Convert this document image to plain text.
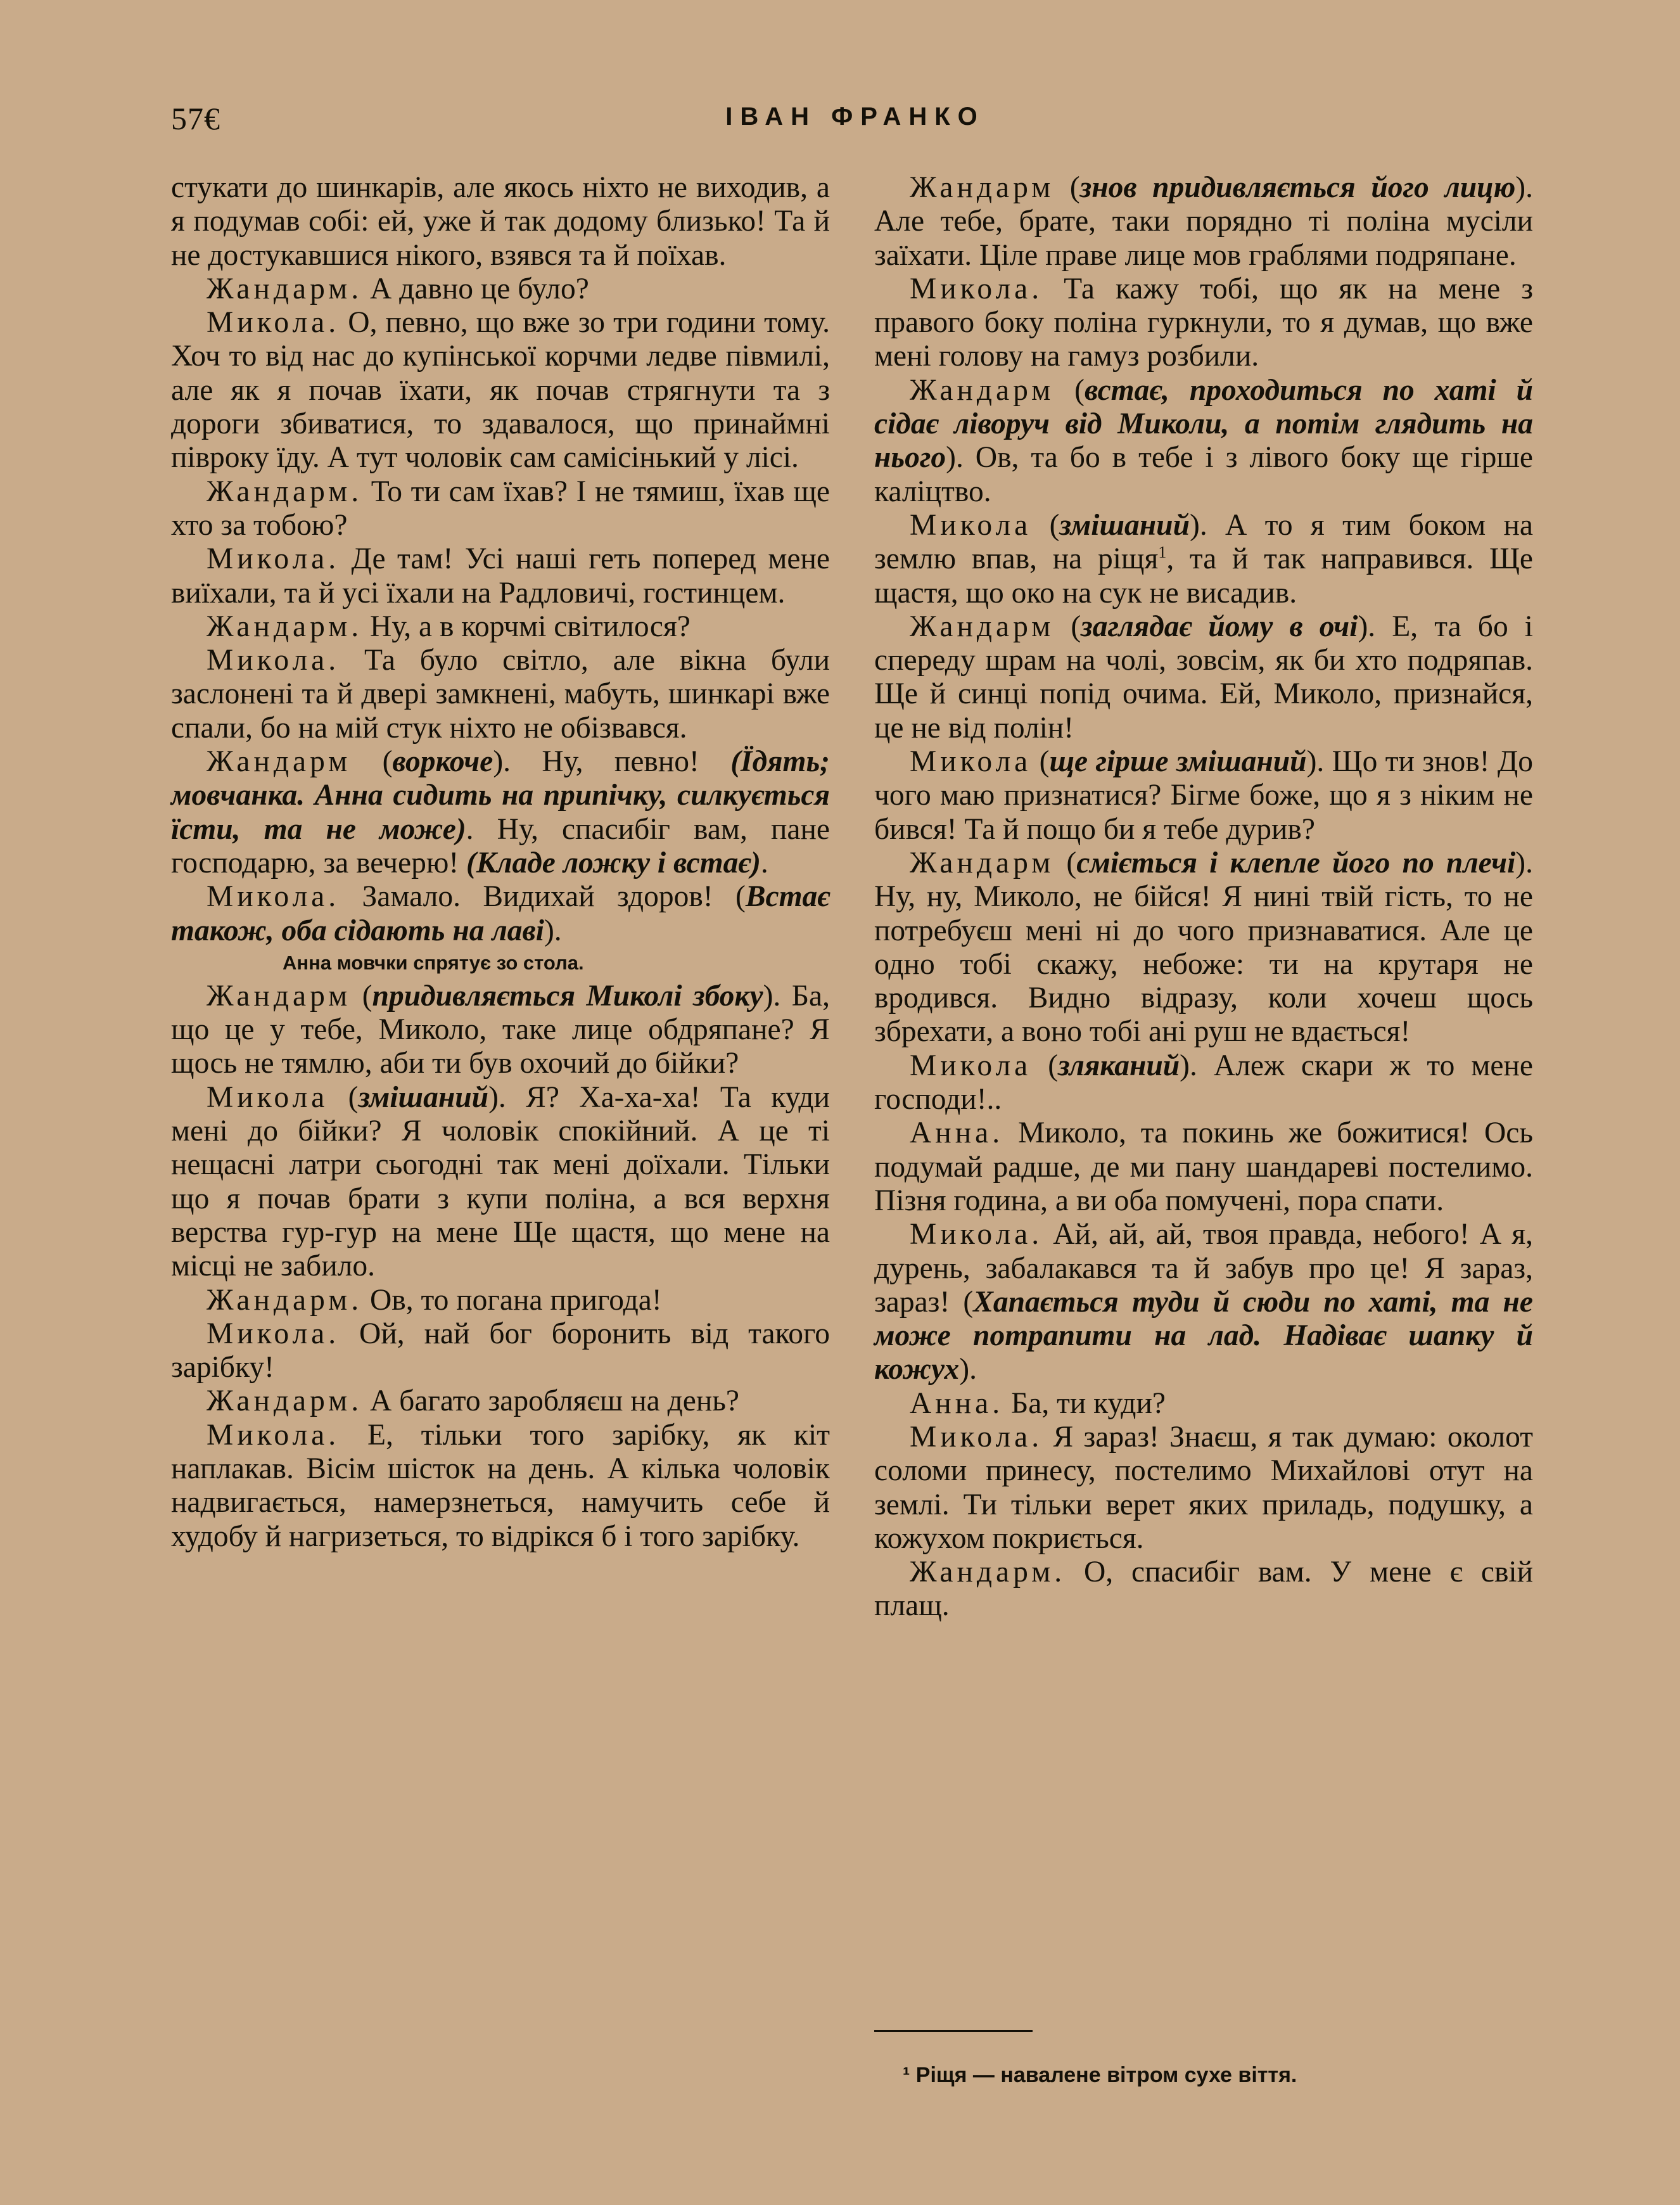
57€	ІВАН ФРАНКО

стукати до шинкарів, але якось ніхто не виходив, а я подумав собі: ей, уже й так додому близько! Та й не достукавшися нікого, взявся та й поїхав.

Жандарм. А давно це було?

Микола. О, певно, що вже зо три години тому. Хоч то від нас до купінської корчми ледве півмилі, але як я почав їхати, як почав стрягнути та з дороги збиватися, то здавалося, що принаймні півроку їду. А тут чоловік сам самісінький у лісі.

Жандарм. То ти сам їхав? І не тямиш, їхав ще хто за тобою?

Микола. Де там! Усі наші геть поперед мене виїхали, та й усі їхали на Радловичі, гостинцем.

Жандарм. Ну, а в корчмі світилося?

Микола. Та було світло, але вікна були заслонені та й двері замкнені, мабуть, шинкарі вже спали, бо на мій стук ніхто не обізвався.

Жандарм (воркоче). Ну, певно! (Їдять; мовчанка. Анна сидить на припічку, силкується їсти, та не може). Ну, спасибіг вам, пане господарю, за вечерю! (Кладе ложку і встає).

Микола. Замало. Видихай здоров! (Встає також, оба сідають на лаві).

Анна мовчки спрятує зо стола.

Жандарм (придивляється Миколі збоку). Ба, що це у тебе, Миколо, таке лице обдряпане? Я щось не тямлю, аби ти був охочий до бійки?

Микола (змішаний). Я? Ха-ха-ха! Та куди мені до бійки? Я чоловік спокійний. А це ті нещасні латри сьогодні так мені доїхали. Тільки що я почав брати з купи поліна, а вся верхня верства гур-гур на мене Ще щастя, що мене на місці не забило.

Жандарм. Ов, то погана пригода!

Микола. Ой, най бог боронить від такого зарібку!

Жандарм. А багато заробляєш на день?

Микола. Е, тільки того зарібку, як кіт наплакав. Вісім шісток на день. А кілька чоловік надвигається, намерзнеться, намучить себе й худобу й нагризеться, то відрікся б і того зарібку.

Жандарм (знов придивляється його лицю). Але тебе, брате, таки порядно ті поліна мусіли заїхати. Ціле праве лице мов граблями подряпане.

Микола. Та кажу тобі, що як на мене з правого боку поліна гуркнули, то я думав, що вже мені голову на гамуз розбили.

Жандарм (встає, проходиться по хаті й сідає ліворуч від Миколи, а потім глядить на нього). Ов, та бо в тебе і з лівого боку ще гірше каліцтво.

Микола (змішаний). А то я тим боком на землю впав, на ріщя$^1$, та й так направився. Ще щастя, що око на сук не висадив.

Жандарм (заглядає йому в очі). Е, та бо і спереду шрам на чолі, зовсім, як би хто подряпав. Ще й синці попід очима. Ей, Миколо, признайся, це не від полін!

Микола (ще гірше змішаний). Що ти знов! До чого маю признатися? Бігме боже, що я з ніким не бився! Та й пощо би я тебе дурив?

Жандарм (сміється і клепле його по плечі). Ну, ну, Миколо, не бійся! Я нині твій гість, то не потребуєш мені ні до чого признаватися. Але це одно тобі скажу, небоже: ти на крутаря не вродився. Видно відразу, коли хочеш щось збрехати, а воно тобі ані руш не вдається!

Микола (зляканий). Алеж скари ж то мене господи!..

Анна. Миколо, та покинь же божитися! Ось подумай радше, де ми пану шандареві постелимо. Пізня година, а ви оба помучені, пора спати.

Микола. Ай, ай, ай, твоя правда, небого! А я, дурень, забалакався та й забув про це! Я зараз, зараз! (Хапається туди й сюди по хаті, та не може потрапити на лад. Надіває шапку й кожух).

Анна. Ба, ти куди?

Микола. Я зараз! Знаєш, я так думаю: околот соломи принесу, постелимо Михайлові отут на землі. Ти тільки верет яких приладь, подушку, а кожухом покриється.

Жандарм. О, спасибіг вам. У мене є свій плащ.

¹ Ріщя — навалене вітром сухе віття.
